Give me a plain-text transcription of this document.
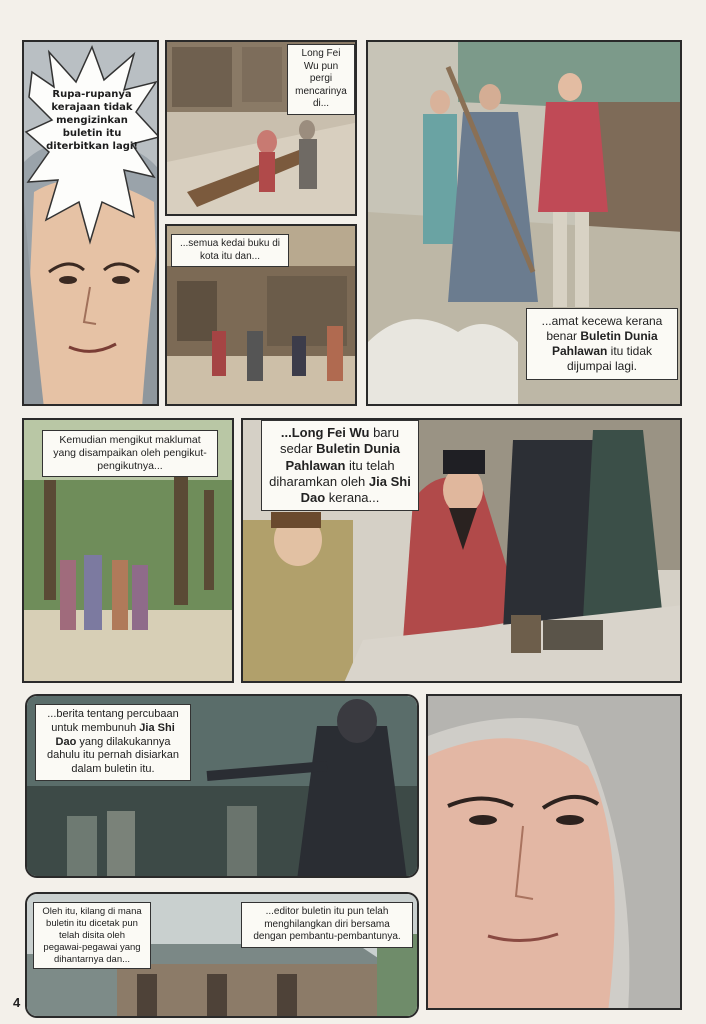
Rupa-rupanya kerajaan tidak mengizinkan buletin itu diterbitkan lagi!
Long Fei Wu pun pergi mencarinya di...
...semua kedai buku di kota itu dan...
...amat kecewa kerana benar Buletin Dunia Pahlawan itu tidak dijumpai lagi.
Kemudian mengikut maklumat yang disampaikan oleh pengikut-pengikutnya...
...Long Fei Wu baru sedar Buletin Dunia Pahlawan itu telah diharamkan oleh Jia Shi Dao kerana...
...berita tentang percubaan untuk membunuh Jia Shi Dao yang dilakukannya dahulu itu pernah disiarkan dalam buletin itu.
Oleh itu, kilang di mana buletin itu dicetak pun telah disita oleh pegawai-pegawai yang dihantarnya dan...
...editor buletin itu pun telah menghilangkan diri bersama dengan pembantu-pembantunya.
4
